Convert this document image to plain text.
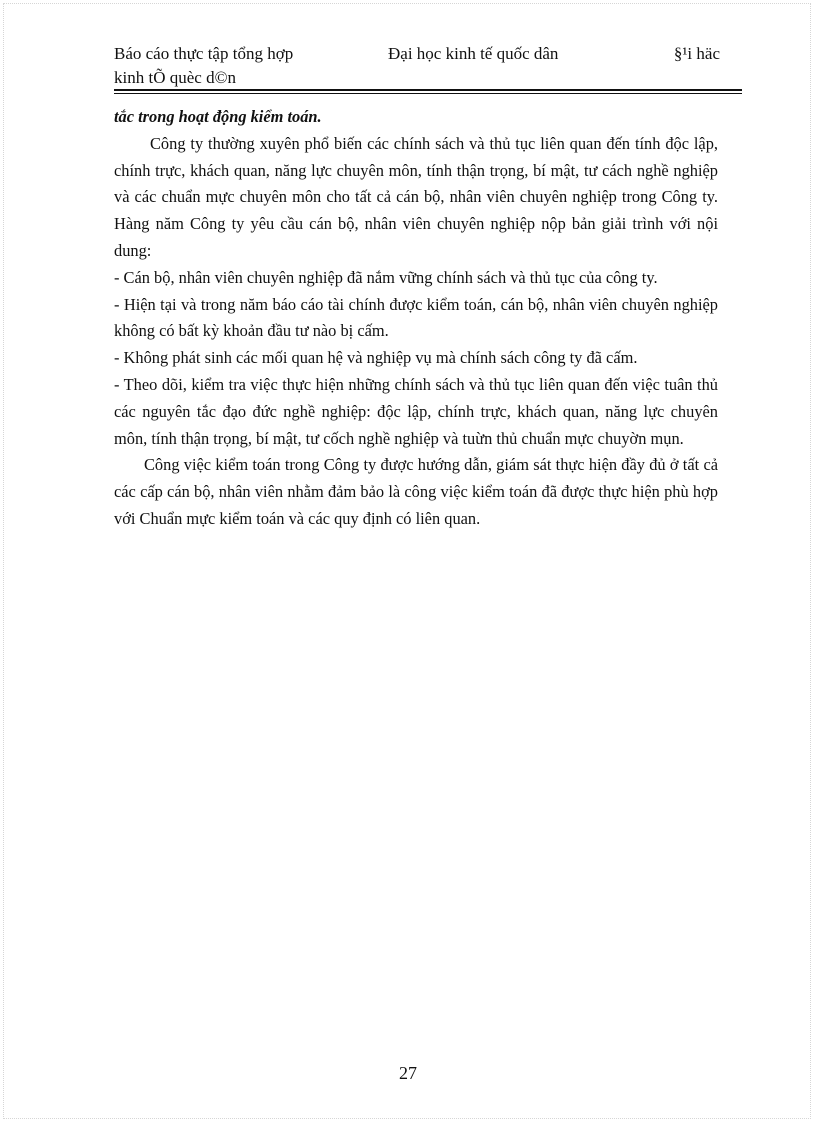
Báo cáo thực tập tổng hợp
kinh tÕ quèc d©n
Đại học kinh tế quốc dân	§¹i häc

tắc trong hoạt động kiểm toán.

Công ty thường xuyên phổ biến các chính sách và thủ tục liên quan đến tính độc lập, chính trực, khách quan, năng lực chuyên môn, tính thận trọng, bí mật, tư cách nghề nghiệp và các chuẩn mực chuyên môn cho tất cả cán bộ, nhân viên chuyên nghiệp trong Công ty. Hàng năm Công ty yêu cầu cán bộ, nhân viên chuyên nghiệp nộp bản giải trình với nội dung:

- Cán bộ, nhân viên chuyên nghiệp đã nắm vững chính sách và thủ tục của công ty.

- Hiện tại và trong năm báo cáo tài chính được kiểm toán, cán bộ, nhân viên chuyên nghiệp không có bất kỳ khoản đầu tư nào bị cấm.

- Không phát sinh các mối quan hệ và nghiệp vụ mà chính sách công ty đã cấm.

- Theo dõi, kiểm tra việc thực hiện những chính sách và thủ tục liên quan đến việc tuân thủ các nguyên tắc đạo đức nghề nghiệp: độc lập, chính trực, khách quan, năng lực chuyên môn, tính thận trọng, bí mật, tư cốch nghề nghiệp và tuừn thủ chuẩn mực chuyờn mụn.

Công việc kiểm toán trong Công ty được hướng dẫn, giám sát thực hiện đầy đủ ở tất cả các cấp cán bộ, nhân viên nhằm đảm bảo là công việc kiểm toán đã được thực hiện phù hợp với Chuẩn mực kiểm toán và các quy định có liên quan.

27
